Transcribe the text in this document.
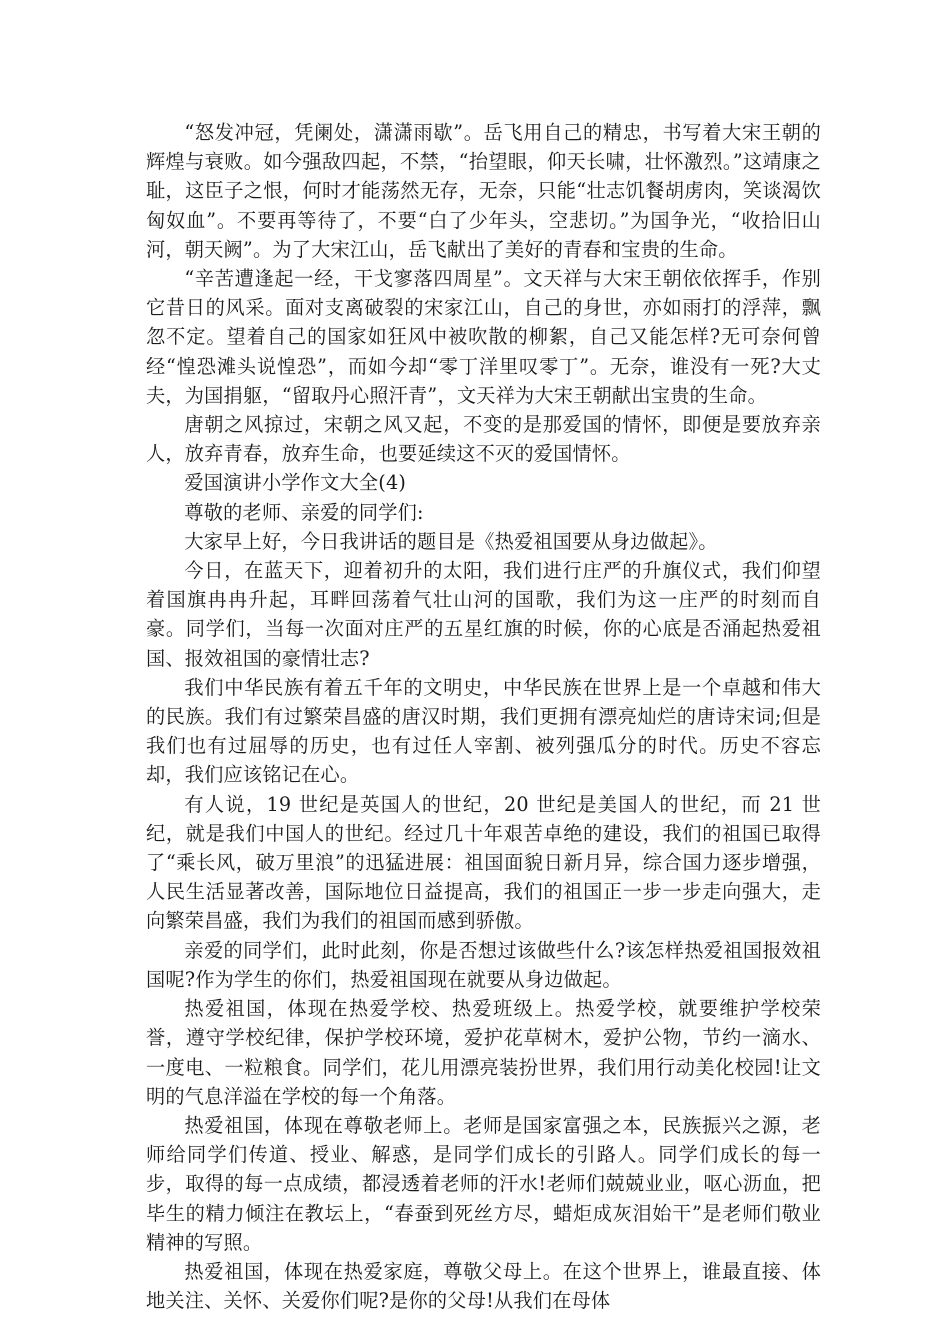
“怒发冲冠，凭阑处，潇潇雨歇”。岳飞用自己的精忠，书写着大宋王朝的辉煌与衰败。如今强敌四起，不禁，“抬望眼，仰天长啸，壮怀激烈。”这靖康之耻，这臣子之恨，何时才能荡然无存，无奈，只能“壮志饥餐胡虏肉，笑谈渴饮匈奴血”。不要再等待了，不要“白了少年头，空悲切。”为国争光，“收拾旧山河，朝天阙”。为了大宋江山，岳飞献出了美好的青春和宝贵的生命。

“辛苦遭逢起一经，干戈寥落四周星”。文天祥与大宋王朝依依挥手，作别它昔日的风采。面对支离破裂的宋家江山，自己的身世，亦如雨打的浮萍，飘忽不定。望着自己的国家如狂风中被吹散的柳絮，自己又能怎样?无可奈何曾经“惶恐滩头说惶恐”，而如今却“零丁洋里叹零丁”。无奈，谁没有一死?大丈夫，为国捐躯，“留取丹心照汗青”，文天祥为大宋王朝献出宝贵的生命。

唐朝之风掠过，宋朝之风又起，不变的是那爱国的情怀，即便是要放弃亲人，放弃青春，放弃生命，也要延续这不灭的爱国情怀。

爱国演讲小学作文大全(4)

尊敬的老师、亲爱的同学们:

大家早上好，今日我讲话的题目是《热爱祖国要从身边做起》。

今日，在蓝天下，迎着初升的太阳，我们进行庄严的升旗仪式，我们仰望着国旗冉冉升起，耳畔回荡着气壮山河的国歌，我们为这一庄严的时刻而自豪。同学们，当每一次面对庄严的五星红旗的时候，你的心底是否涌起热爱祖国、报效祖国的豪情壮志?

我们中华民族有着五千年的文明史，中华民族在世界上是一个卓越和伟大的民族。我们有过繁荣昌盛的唐汉时期，我们更拥有漂亮灿烂的唐诗宋词;但是我们也有过屈辱的历史，也有过任人宰割、被列强瓜分的时代。历史不容忘却，我们应该铭记在心。

有人说，19 世纪是英国人的世纪，20 世纪是美国人的世纪，而 21 世纪，就是我们中国人的世纪。经过几十年艰苦卓绝的建设，我们的祖国已取得了“乘长风，破万里浪”的迅猛进展：祖国面貌日新月异，综合国力逐步增强，人民生活显著改善，国际地位日益提高，我们的祖国正一步一步走向强大，走向繁荣昌盛，我们为我们的祖国而感到骄傲。

亲爱的同学们，此时此刻，你是否想过该做些什么?该怎样热爱祖国报效祖国呢?作为学生的你们，热爱祖国现在就要从身边做起。

热爱祖国，体现在热爱学校、热爱班级上。热爱学校，就要维护学校荣誉，遵守学校纪律，保护学校环境，爱护花草树木，爱护公物，节约一滴水、一度电、一粒粮食。同学们，花儿用漂亮装扮世界，我们用行动美化校园!让文明的气息洋溢在学校的每一个角落。

热爱祖国，体现在尊敬老师上。老师是国家富强之本，民族振兴之源，老师给同学们传道、授业、解惑，是同学们成长的引路人。同学们成长的每一步，取得的每一点成绩，都浸透着老师的汗水!老师们兢兢业业，呕心沥血，把毕生的精力倾注在教坛上，“春蚕到死丝方尽，蜡炬成灰泪始干”是老师们敬业精神的写照。

热爱祖国，体现在热爱家庭，尊敬父母上。在这个世界上，谁最直接、体地关注、关怀、关爱你们呢?是你的父母!从我们在母体
